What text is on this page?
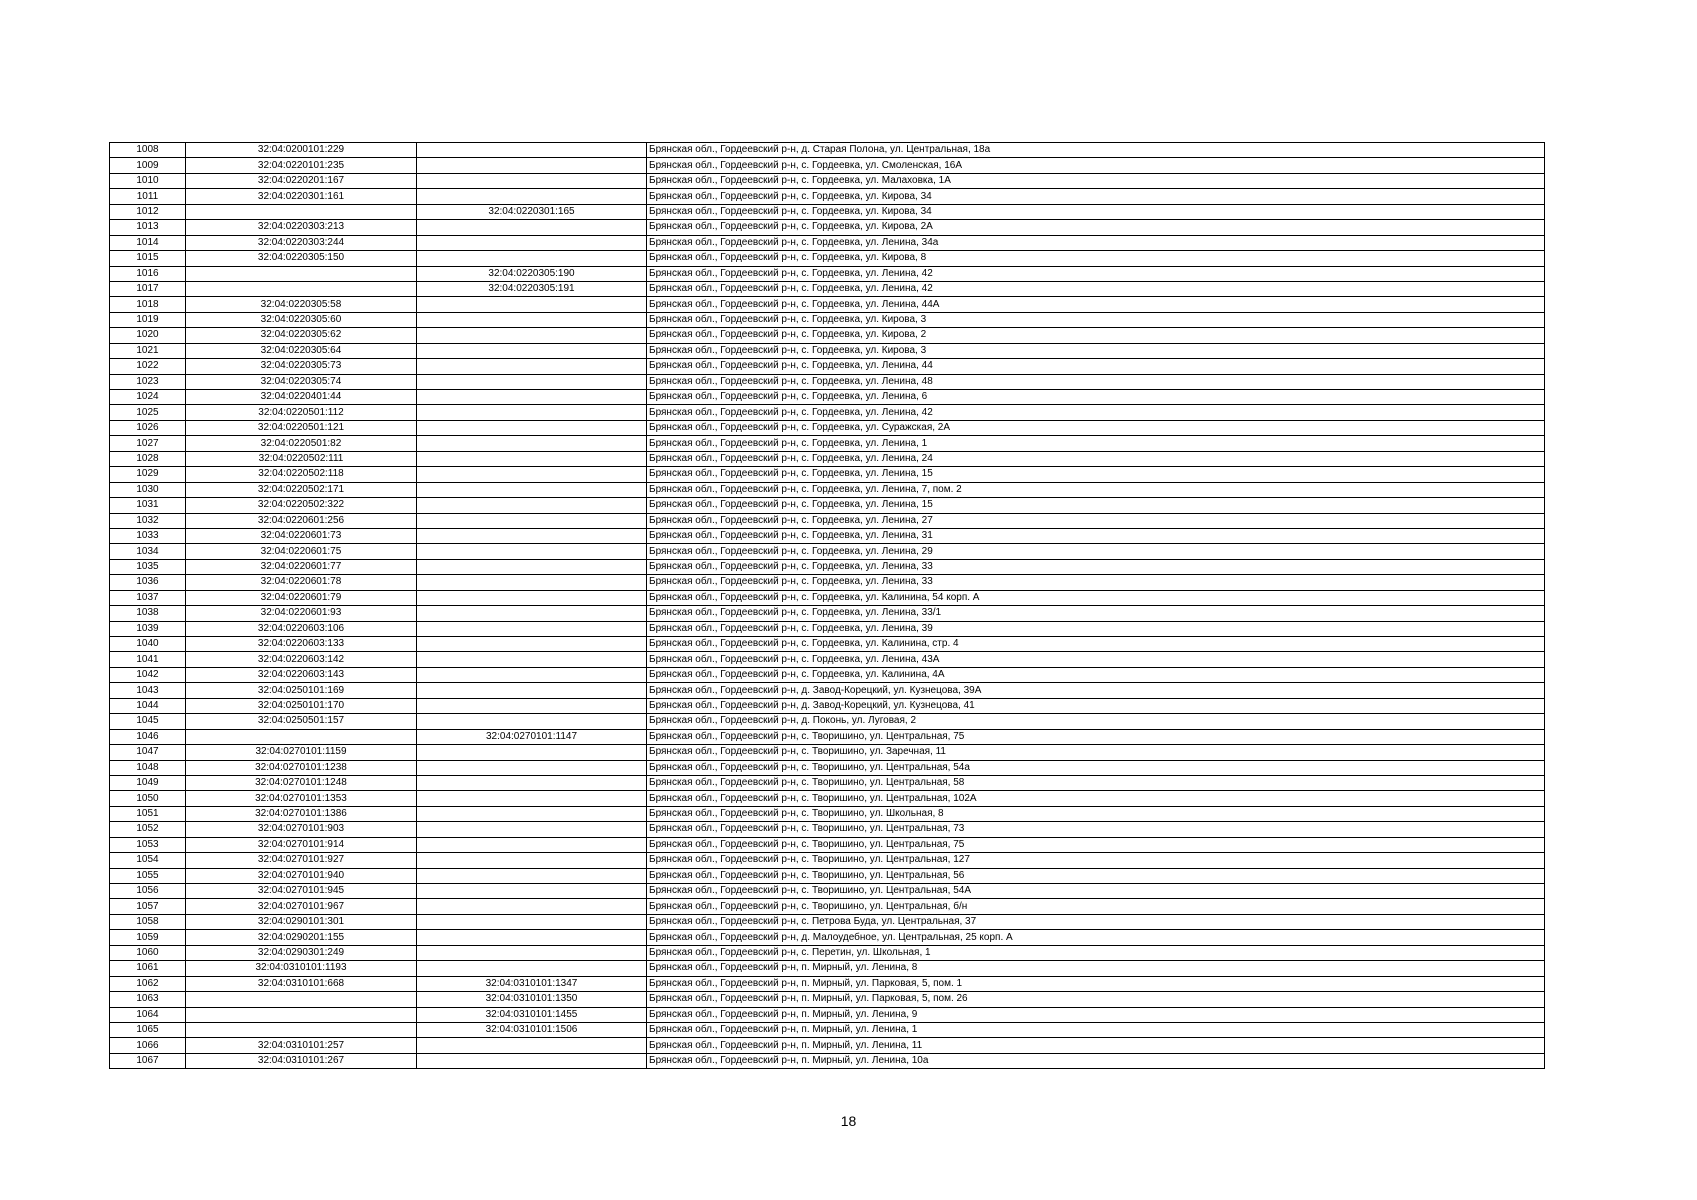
1008	32:04:0200101:229		Брянская обл., Гордеевский р-н, д. Старая Полона, ул. Центральная, 18а
1009	32:04:0220101:235		Брянская обл., Гордеевский р-н, с. Гордеевка, ул. Смоленская, 16А
1010	32:04:0220201:167		Брянская обл., Гордеевский р-н, с. Гордеевка, ул. Малаховка, 1А
1011	32:04:0220301:161		Брянская обл., Гордеевский р-н, с. Гордеевка, ул. Кирова, 34
1012		32:04:0220301:165	Брянская обл., Гордеевский р-н, с. Гордеевка, ул. Кирова, 34
1013	32:04:0220303:213		Брянская обл., Гордеевский р-н, с. Гордеевка, ул. Кирова, 2А
1014	32:04:0220303:244		Брянская обл., Гордеевский р-н, с. Гордеевка, ул. Ленина, 34а
1015	32:04:0220305:150		Брянская обл., Гордеевский р-н, с. Гордеевка, ул. Кирова, 8
1016		32:04:0220305:190	Брянская обл., Гордеевский р-н, с. Гордеевка, ул. Ленина, 42
1017		32:04:0220305:191	Брянская обл., Гордеевский р-н, с. Гордеевка, ул. Ленина, 42
1018	32:04:0220305:58		Брянская обл., Гордеевский р-н, с. Гордеевка, ул. Ленина, 44А
1019	32:04:0220305:60		Брянская обл., Гордеевский р-н, с. Гордеевка, ул. Кирова, 3
1020	32:04:0220305:62		Брянская обл., Гордеевский р-н, с. Гордеевка, ул. Кирова, 2
1021	32:04:0220305:64		Брянская обл., Гордеевский р-н, с. Гордеевка, ул. Кирова, 3
1022	32:04:0220305:73		Брянская обл., Гордеевский р-н, с. Гордеевка, ул. Ленина, 44
1023	32:04:0220305:74		Брянская обл., Гордеевский р-н, с. Гордеевка, ул. Ленина, 48
1024	32:04:0220401:44		Брянская обл., Гордеевский р-н, с. Гордеевка, ул. Ленина, 6
1025	32:04:0220501:112		Брянская обл., Гордеевский р-н, с. Гордеевка, ул. Ленина, 42
1026	32:04:0220501:121		Брянская обл., Гордеевский р-н, с. Гордеевка, ул. Суражская, 2А
1027	32:04:0220501:82		Брянская обл., Гордеевский р-н, с. Гордеевка, ул. Ленина, 1
1028	32:04:0220502:111		Брянская обл., Гордеевский р-н, с. Гордеевка, ул. Ленина, 24
1029	32:04:0220502:118		Брянская обл., Гордеевский р-н, с. Гордеевка, ул. Ленина, 15
1030	32:04:0220502:171		Брянская обл., Гордеевский р-н, с. Гордеевка, ул. Ленина, 7, пом. 2
1031	32:04:0220502:322		Брянская обл., Гордеевский р-н, с. Гордеевка, ул. Ленина, 15
1032	32:04:0220601:256		Брянская обл., Гордеевский р-н, с. Гордеевка, ул. Ленина, 27
1033	32:04:0220601:73		Брянская обл., Гордеевский р-н, с. Гордеевка, ул. Ленина, 31
1034	32:04:0220601:75		Брянская обл., Гордеевский р-н, с. Гордеевка, ул. Ленина, 29
1035	32:04:0220601:77		Брянская обл., Гордеевский р-н, с. Гордеевка, ул. Ленина, 33
1036	32:04:0220601:78		Брянская обл., Гордеевский р-н, с. Гордеевка, ул. Ленина, 33
1037	32:04:0220601:79		Брянская обл., Гордеевский р-н, с. Гордеевка, ул. Калинина, 54 корп. А
1038	32:04:0220601:93		Брянская обл., Гордеевский р-н, с. Гордеевка, ул. Ленина, 33/1
1039	32:04:0220603:106		Брянская обл., Гордеевский р-н, с. Гордеевка, ул. Ленина, 39
1040	32:04:0220603:133		Брянская обл., Гордеевский р-н, с. Гордеевка, ул. Калинина, стр. 4
1041	32:04:0220603:142		Брянская обл., Гордеевский р-н, с. Гордеевка, ул. Ленина, 43А
1042	32:04:0220603:143		Брянская обл., Гордеевский р-н, с. Гордеевка, ул. Калинина, 4А
1043	32:04:0250101:169		Брянская обл., Гордеевский р-н, д. Завод-Корецкий, ул. Кузнецова, 39А
1044	32:04:0250101:170		Брянская обл., Гордеевский р-н, д. Завод-Корецкий, ул. Кузнецова, 41
1045	32:04:0250501:157		Брянская обл., Гордеевский р-н, д. Поконь, ул. Луговая, 2
1046		32:04:0270101:1147	Брянская обл., Гордеевский р-н, с. Творишино, ул. Центральная, 75
1047	32:04:0270101:1159		Брянская обл., Гордеевский р-н, с. Творишино, ул. Заречная, 11
1048	32:04:0270101:1238		Брянская обл., Гордеевский р-н, с. Творишино, ул. Центральная, 54а
1049	32:04:0270101:1248		Брянская обл., Гордеевский р-н, с. Творишино, ул. Центральная, 58
1050	32:04:0270101:1353		Брянская обл., Гордеевский р-н, с. Творишино, ул. Центральная, 102А
1051	32:04:0270101:1386		Брянская обл., Гордеевский р-н, с. Творишино, ул. Школьная, 8
1052	32:04:0270101:903		Брянская обл., Гордеевский р-н, с. Творишино, ул. Центральная, 73
1053	32:04:0270101:914		Брянская обл., Гордеевский р-н, с. Творишино, ул. Центральная, 75
1054	32:04:0270101:927		Брянская обл., Гордеевский р-н, с. Творишино, ул. Центральная, 127
1055	32:04:0270101:940		Брянская обл., Гордеевский р-н, с. Творишино, ул. Центральная, 56
1056	32:04:0270101:945		Брянская обл., Гордеевский р-н, с. Творишино, ул. Центральная, 54А
1057	32:04:0270101:967		Брянская обл., Гордеевский р-н, с. Творишино, ул. Центральная, б/н
1058	32:04:0290101:301		Брянская обл., Гордеевский р-н, с. Петрова Буда, ул. Центральная, 37
1059	32:04:0290201:155		Брянская обл., Гордеевский р-н, д. Малоудебное, ул. Центральная, 25 корп. А
1060	32:04:0290301:249		Брянская обл., Гордеевский р-н, с. Перетин, ул. Школьная, 1
1061	32:04:0310101:1193		Брянская обл., Гордеевский р-н, п. Мирный, ул. Ленина, 8
1062	32:04:0310101:668	32:04:0310101:1347	Брянская обл., Гордеевский р-н, п. Мирный, ул. Парковая, 5, пом. 1
1063		32:04:0310101:1350	Брянская обл., Гордеевский р-н, п. Мирный, ул. Парковая, 5, пом. 26
1064		32:04:0310101:1455	Брянская обл., Гордеевский р-н, п. Мирный, ул. Ленина, 9
1065		32:04:0310101:1506	Брянская обл., Гордеевский р-н, п. Мирный, ул. Ленина, 1
1066	32:04:0310101:257		Брянская обл., Гордеевский р-н, п. Мирный, ул. Ленина, 11
1067	32:04:0310101:267		Брянская обл., Гордеевский р-н, п. Мирный, ул. Ленина, 10а
18
